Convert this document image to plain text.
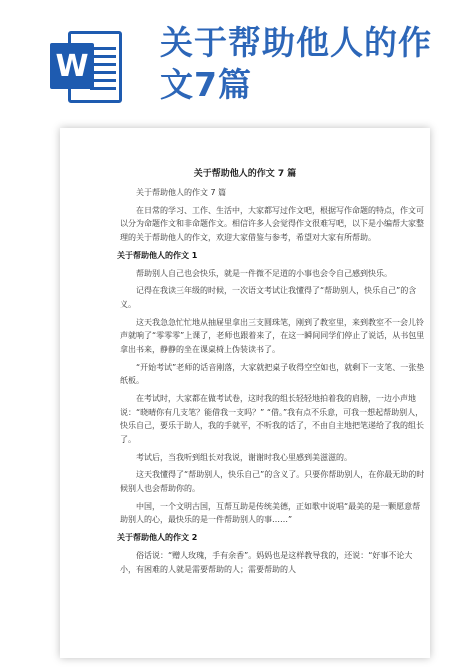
W
关于帮助他人的作文7篇
关于帮助他人的作文 7 篇

关于帮助他人的作文 7 篇

在日常的学习、工作、生活中，大家都写过作文吧，根据写作命题的特点，作文可以分为命题作文和非命题作文。相信许多人会觉得作文很难写吧，以下是小编帮大家整理的关于帮助他人的作文，欢迎大家借鉴与参考，希望对大家有所帮助。

关于帮助他人的作文 1

帮助别人自己也会快乐，就是一件微不足道的小事也会令自己感到快乐。

记得在我读三年级的时候，一次语文考试让我懂得了“帮助别人，快乐自己”的含义。

这天我急急忙忙地从抽屉里拿出三支圆珠笔，刚到了教室里，来到教室不一会儿铃声就响了“零零零”上课了，老师也跟着来了，在这一瞬间同学们停止了说话，从书包里拿出书来，静静的坐在课桌椅上伪装读书了。

“开始考试”老师的话音刚落，大家就把桌子收得空空如也，就剩下一支笔、一张垫纸板。

在考试时，大家都在做考试卷，这时我的组长轻轻地拍着我的肩膀，一边小声地说：“晓晴你有几支笔？能借我一支吗？” “借。”我有点不乐意，可我一想起帮助别人，快乐自己，要乐于助人，我的手就平，不听我的话了，不由自主地把笔递给了我的组长了。

考试后，当我听到组长对我说，谢谢时我心里感到美滋滋的。

这天我懂得了“帮助别人，快乐自己”的含义了。只要你帮助别人，在你最无助的时候别人也会帮助你的。

中国，一个文明古国，互帮互助是传统美德，正如歌中说唱“最美的是一颗愿意帮助别人的心，最快乐的是一件帮助别人的事……”

关于帮助他人的作文 2

俗话说：“赠人玫瑰，手有余香”。妈妈也是这样教导我的，还说：“好事不论大小，有困难的人就是需要帮助的人；需要帮助的人
